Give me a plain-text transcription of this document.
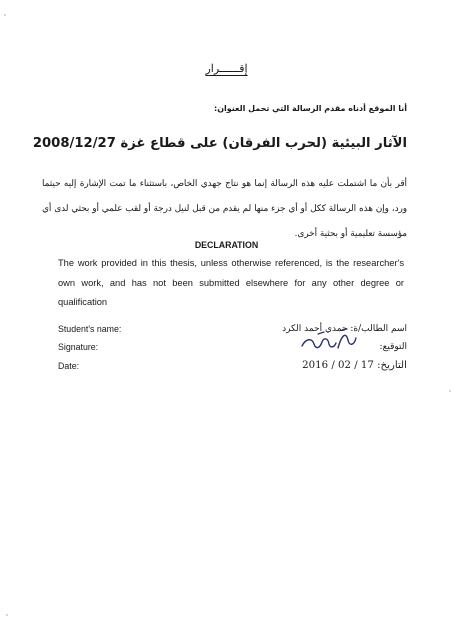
إقــــــرار
أنا الموقع أدناه مقدم الرسالة التي تحمل العنوان:
الآثار البيئية (لحرب الفرقان) على قطاع غزة 2008/12/27
أقر بأن ما اشتملت عليه هذه الرسالة إنما هو نتاج جهدي الخاص، باستثناء ما تمت الإشارة إليه حيثما ورد، وإن هذه الرسالة ككل أو أي جزء منها لم يقدم من قبل لنيل درجة أو لقب علمي أو بحثي لدى أي مؤسسة تعليمية أو بحثية أخرى.
DECLARATION
The work provided in this thesis, unless otherwise referenced, is the researcher's own work, and has not been submitted elsewhere for any other degree or qualification
Student's name:
Signature:
Date:
اسم الطالب/ة: حمدي أحمد الكرد
التوقيع:
التاريخ: 17 / 02 / 2016
